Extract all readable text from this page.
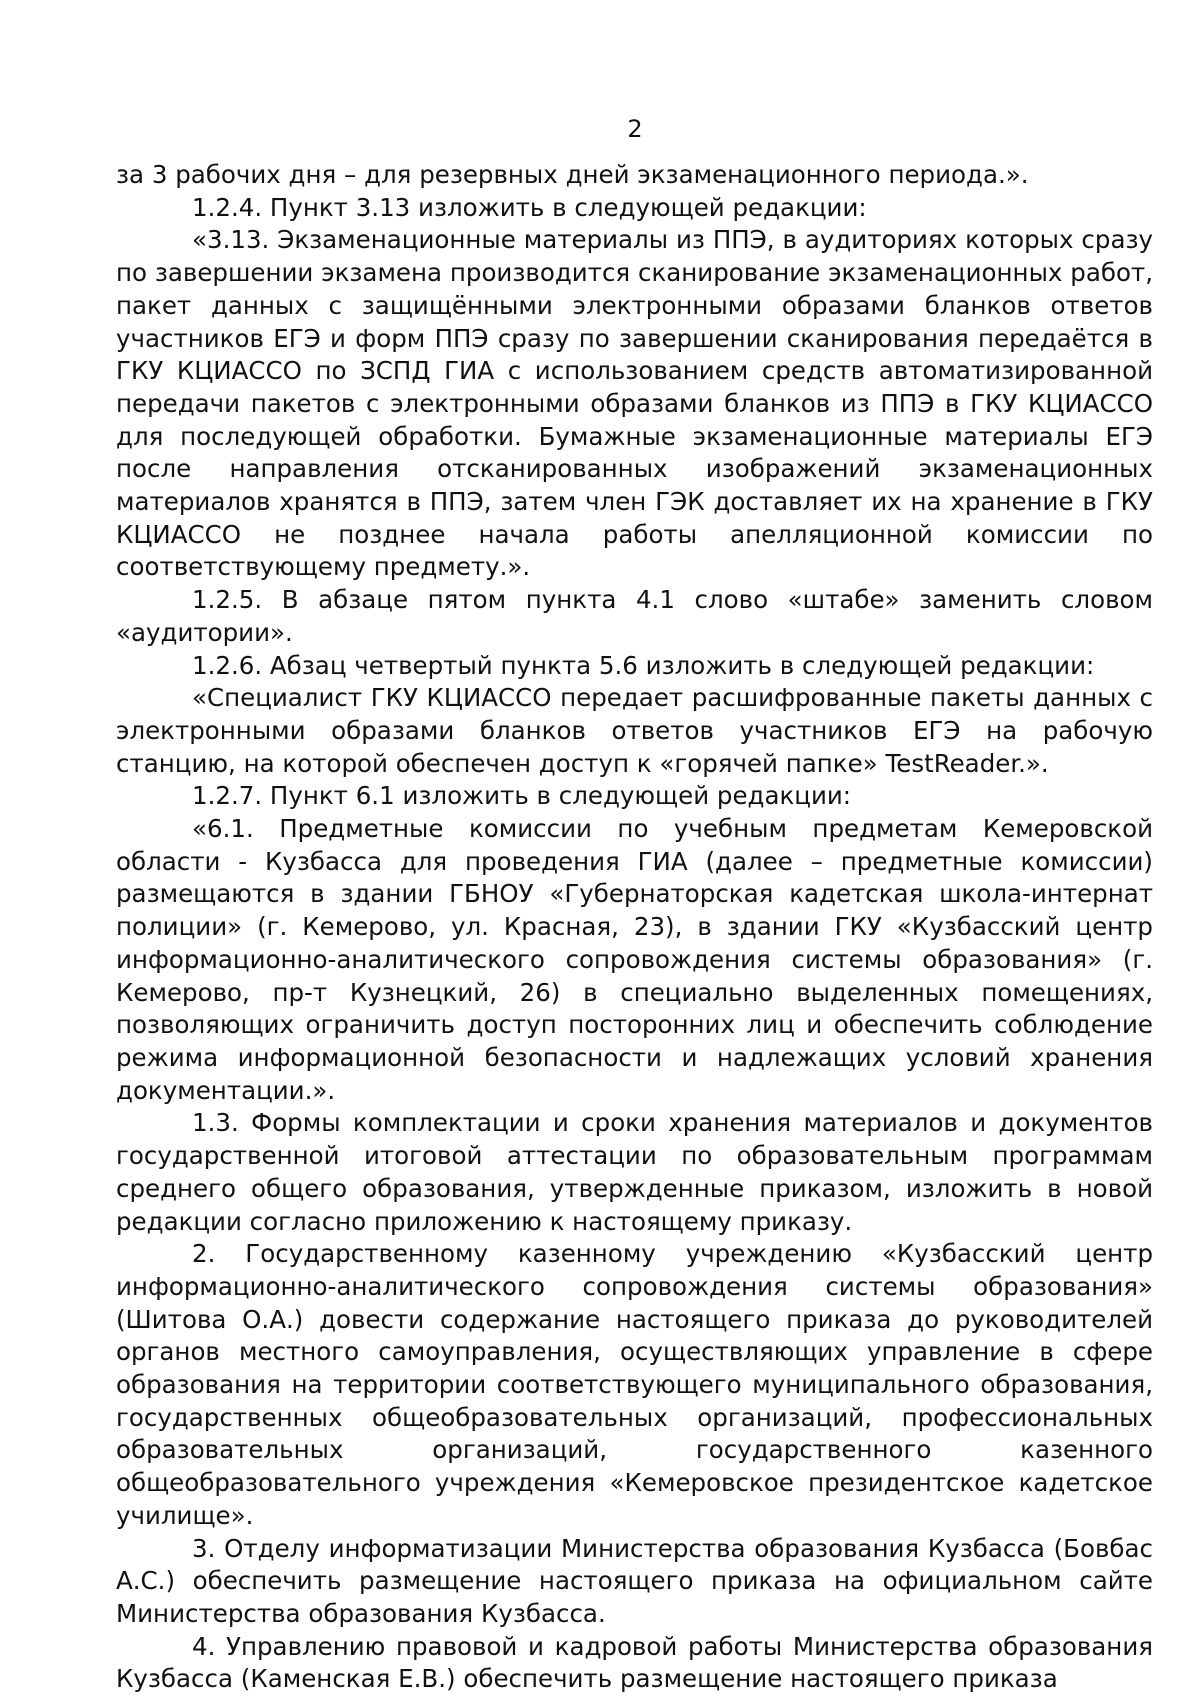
2

за 3 рабочих дня – для резервных дней экзаменационного периода.».

1.2.4. Пункт 3.13 изложить в следующей редакции:

«3.13. Экзаменационные материалы из ППЭ, в аудиториях которых сразу по завершении экзамена производится сканирование экзаменационных работ, пакет данных с защищёнными электронными образами бланков ответов участников ЕГЭ и форм ППЭ сразу по завершении сканирования передаётся в ГКУ КЦИАССО по ЗСПД ГИА с использованием средств автоматизированной передачи пакетов с электронными образами бланков из ППЭ в ГКУ КЦИАССО для последующей обработки. Бумажные экзаменационные материалы ЕГЭ после направления отсканированных изображений экзаменационных материалов хранятся в ППЭ, затем член ГЭК доставляет их на хранение в ГКУ КЦИАССО не позднее начала работы апелляционной комиссии по соответствующему предмету.».

1.2.5. В абзаце пятом пункта 4.1 слово «штабе» заменить словом «аудитории».

1.2.6. Абзац четвертый пункта 5.6 изложить в следующей редакции:

«Специалист ГКУ КЦИАССО передает расшифрованные пакеты данных с электронными образами бланков ответов участников ЕГЭ на рабочую станцию, на которой обеспечен доступ к «горячей папке» TestReader.».

1.2.7. Пункт 6.1 изложить в следующей редакции:

«6.1. Предметные комиссии по учебным предметам Кемеровской области - Кузбасса для проведения ГИА (далее – предметные комиссии) размещаются в здании ГБНОУ «Губернаторская кадетская школа-интернат полиции» (г. Кемерово, ул. Красная, 23), в здании ГКУ «Кузбасский центр информационно-аналитического сопровождения системы образования» (г. Кемерово, пр-т Кузнецкий, 26) в специально выделенных помещениях, позволяющих ограничить доступ посторонних лиц и обеспечить соблюдение режима информационной безопасности и надлежащих условий хранения документации.».

1.3. Формы комплектации и сроки хранения материалов и документов государственной итоговой аттестации по образовательным программам среднего общего образования, утвержденные приказом, изложить в новой редакции согласно приложению к настоящему приказу.

2. Государственному казенному учреждению «Кузбасский центр информационно-аналитического сопровождения системы образования» (Шитова О.А.) довести содержание настоящего приказа до руководителей органов местного самоуправления, осуществляющих управление в сфере образования на территории соответствующего муниципального образования, государственных общеобразовательных организаций, профессиональных образовательных организаций, государственного казенного общеобразовательного учреждения «Кемеровское президентское кадетское училище».

3. Отделу информатизации Министерства образования Кузбасса (Бовбас А.С.) обеспечить размещение настоящего приказа на официальном сайте Министерства образования Кузбасса.

4. Управлению правовой и кадровой работы Министерства образования Кузбасса (Каменская Е.В.) обеспечить размещение настоящего приказа
